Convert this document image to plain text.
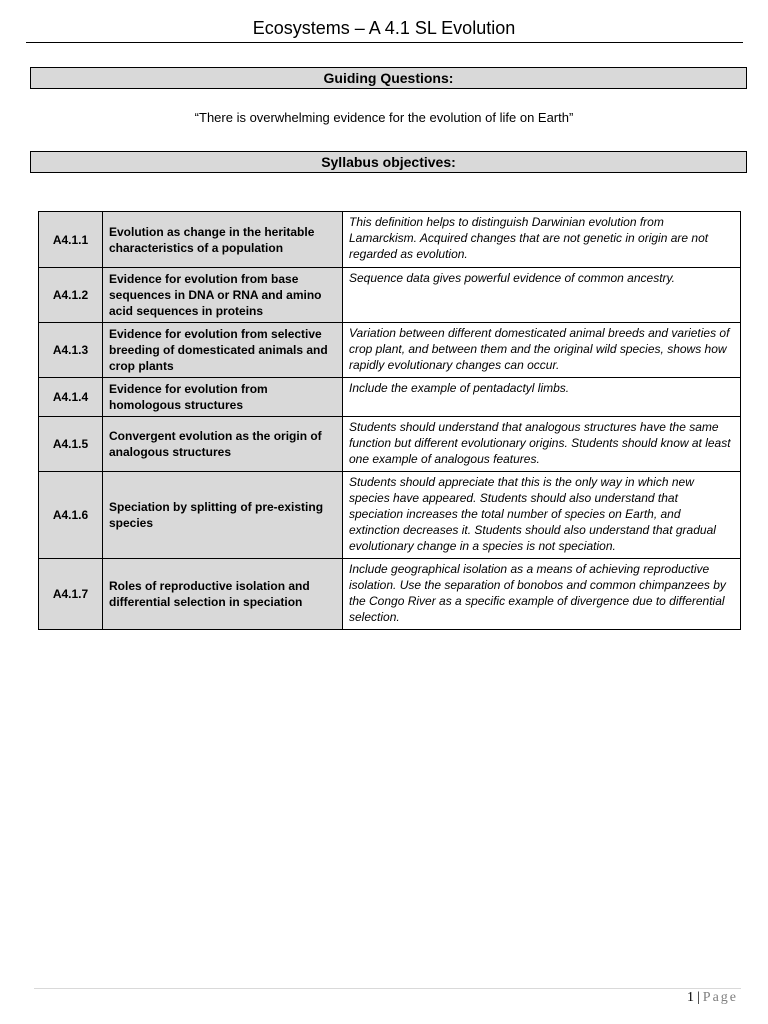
Ecosystems – A 4.1 SL Evolution
Guiding Questions:
“There is overwhelming evidence for the evolution of life on Earth”
Syllabus objectives:
A4.1.1	Evolution as change in the heritable characteristics of a population	This definition helps to distinguish Darwinian evolution from Lamarckism. Acquired changes that are not genetic in origin are not regarded as evolution.
A4.1.2	Evidence for evolution from base sequences in DNA or RNA and amino acid sequences in proteins	Sequence data gives powerful evidence of common ancestry.
A4.1.3	Evidence for evolution from selective breeding of domesticated animals and crop plants	Variation between different domesticated animal breeds and varieties of crop plant, and between them and the original wild species, shows how rapidly evolutionary changes can occur.
A4.1.4	Evidence for evolution from homologous structures	Include the example of pentadactyl limbs.
A4.1.5	Convergent evolution as the origin of analogous structures	Students should understand that analogous structures have the same function but different evolutionary origins. Students should know at least one example of analogous features.
A4.1.6	Speciation by splitting of pre-existing species	Students should appreciate that this is the only way in which new species have appeared. Students should also understand that speciation increases the total number of species on Earth, and extinction decreases it. Students should also understand that gradual evolutionary change in a species is not speciation.
A4.1.7	Roles of reproductive isolation and differential selection in speciation	Include geographical isolation as a means of achieving reproductive isolation. Use the separation of bonobos and common chimpanzees by the Congo River as a specific example of divergence due to differential selection.
1 | Page
